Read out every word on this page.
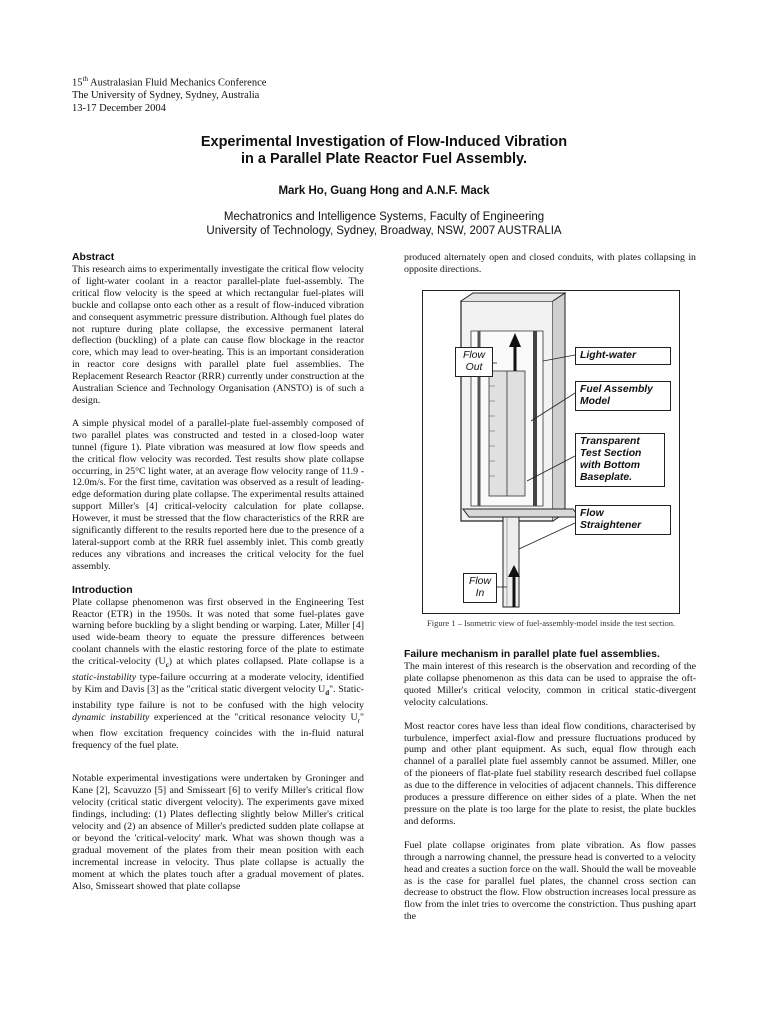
15th Australasian Fluid Mechanics Conference
The University of Sydney, Sydney, Australia
13-17 December 2004
Experimental Investigation of Flow-Induced Vibration
in a Parallel Plate Reactor Fuel Assembly.
Mark Ho, Guang Hong and A.N.F. Mack
Mechatronics and Intelligence Systems, Faculty of Engineering
University of Technology, Sydney, Broadway, NSW, 2007 AUSTRALIA
Abstract

This research aims to experimentally investigate the critical flow velocity of light-water coolant in a reactor parallel-plate fuel-assembly. The critical flow velocity is the speed at which rectangular fuel-plates will buckle and collapse onto each other as a result of flow-induced vibration and consequent asymmetric pressure distribution. Although fuel plates do not rupture during plate collapse, the excessive permanent lateral deflection (buckling) of a plate can cause flow blockage in the reactor core, which may lead to over-heating. This is an important consideration in reactor core designs with parallel plate fuel assemblies. The Replacement Research Reactor (RRR) currently under construction at the Australian Science and Technology Organisation (ANSTO) is of such a design.

A simple physical model of a parallel-plate fuel-assembly composed of two parallel plates was constructed and tested in a closed-loop water tunnel (figure 1). Plate vibration was measured at low flow speeds and the critical flow velocity was recorded. Test results show plate collapse occurring, in 25°C light water, at an average flow velocity range of 11.9 - 12.0m/s. For the first time, cavitation was observed as a result of leading-edge deformation during plate collapse. The experimental results attained support Miller's [4] critical-velocity calculation for plate collapse. However, it must be stressed that the flow characteristics of the RRR are significantly different to the results reported here due to the presence of a lateral-support comb at the RRR fuel assembly inlet. This comb greatly reduces any vibrations and increases the critical velocity for the fuel assembly.

Introduction

Plate collapse phenomenon was first observed in the Engineering Test Reactor (ETR) in the 1950s. It was noted that some fuel-plates gave warning before buckling by a slight bending or warping. Later, Miller [4] used wide-beam theory to equate the pressure differences between coolant channels with the elastic restoring force of the plate to estimate the critical-velocity $(U_c)$ at which plates collapsed. Plate collapse is a static-instability type-failure occurring at a moderate velocity, identified by Kim and Davis [3] as the "critical static divergent velocity $U_d$". Static-instability type failure is not to be confused with the high velocity dynamic instability experienced at the "critical resonance velocity $U_r$" when flow excitation frequency coincides with the in-fluid natural frequency of the fuel plate.

Notable experimental investigations were undertaken by Groninger and Kane [2], Scavuzzo [5] and Smisseart [6] to verify Miller's critical flow velocity (critical static divergent velocity). The experiments gave mixed findings, including: (1) Plates deflecting slightly below Miller's critical velocity and (2) an absence of Miller's predicted sudden plate collapse at or beyond the 'critical-velocity' mark. What was shown though was a gradual movement of the plates from their mean position with each incremental increase in velocity. Thus plate collapse is actually the moment at which the plates touch after a gradual movement of plates. Also, Smisseart showed that plate collapse

produced alternately open and closed conduits, with plates collapsing in opposite directions.

Flow
Out
Light-water
Fuel Assembly
Model
Transparent
Test Section
with Bottom
Baseplate.
Flow
Straightener
Flow
In
Figure 1 – Isometric view of fuel-assembly-model inside the test section.
Failure mechanism in parallel plate fuel assemblies.

The main interest of this research is the observation and recording of the plate collapse phenomenon as this data can be used to appraise the oft-quoted Miller's critical velocity, common in critical static-divergent velocity calculations.

Most reactor cores have less than ideal flow conditions, characterised by turbulence, imperfect axial-flow and pressure fluctuations produced by pump and other plant equipment. As such, equal flow through each channel of a parallel plate fuel assembly cannot be assumed. Miller, one of the pioneers of flat-plate fuel stability research described fuel collapse as due to the difference in velocities of adjacent channels. This difference produces a pressure difference on either sides of a plate. When the net pressure on the plate is too large for the plate to resist, the plate buckles and deforms.

Fuel plate collapse originates from plate vibration. As flow passes through a narrowing channel, the pressure head is converted to a velocity head and creates a suction force on the wall. Should the wall be moveable as is the case for parallel fuel plates, the channel cross section can decrease to obstruct the flow. Flow obstruction increases local pressure as flow from the inlet tries to overcome the constriction. Thus pushing apart the
